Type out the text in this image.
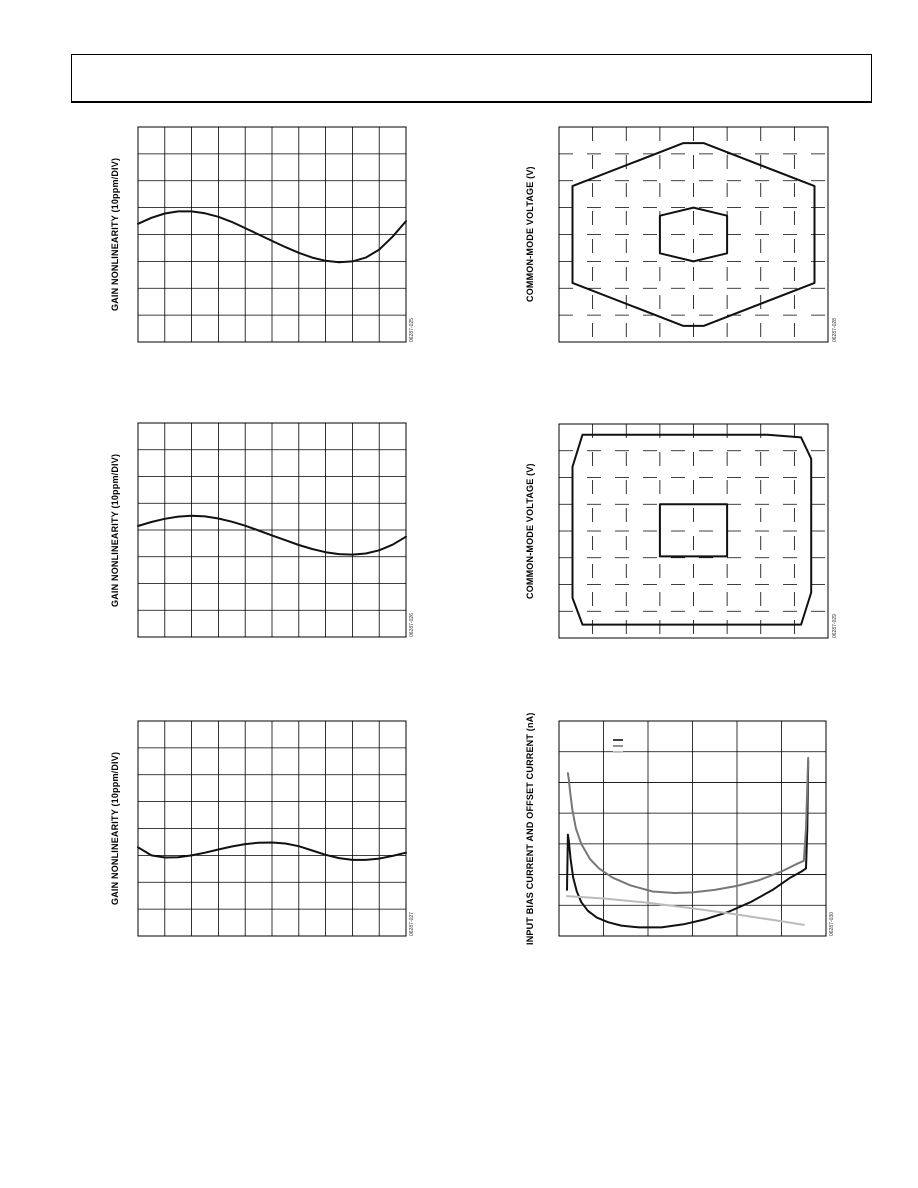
GAIN NONLINEARITY (10ppm/DIV)
06287-025
GAIN NONLINEARITY (10ppm/DIV)
06287-026
GAIN NONLINEARITY (10ppm/DIV)
06287-027
COMMON-MODE VOLTAGE (V)
06287-028
COMMON-MODE VOLTAGE (V)
06287-029
INPUT BIAS CURRENT AND OFFSET CURRENT (nA)	06287-030
